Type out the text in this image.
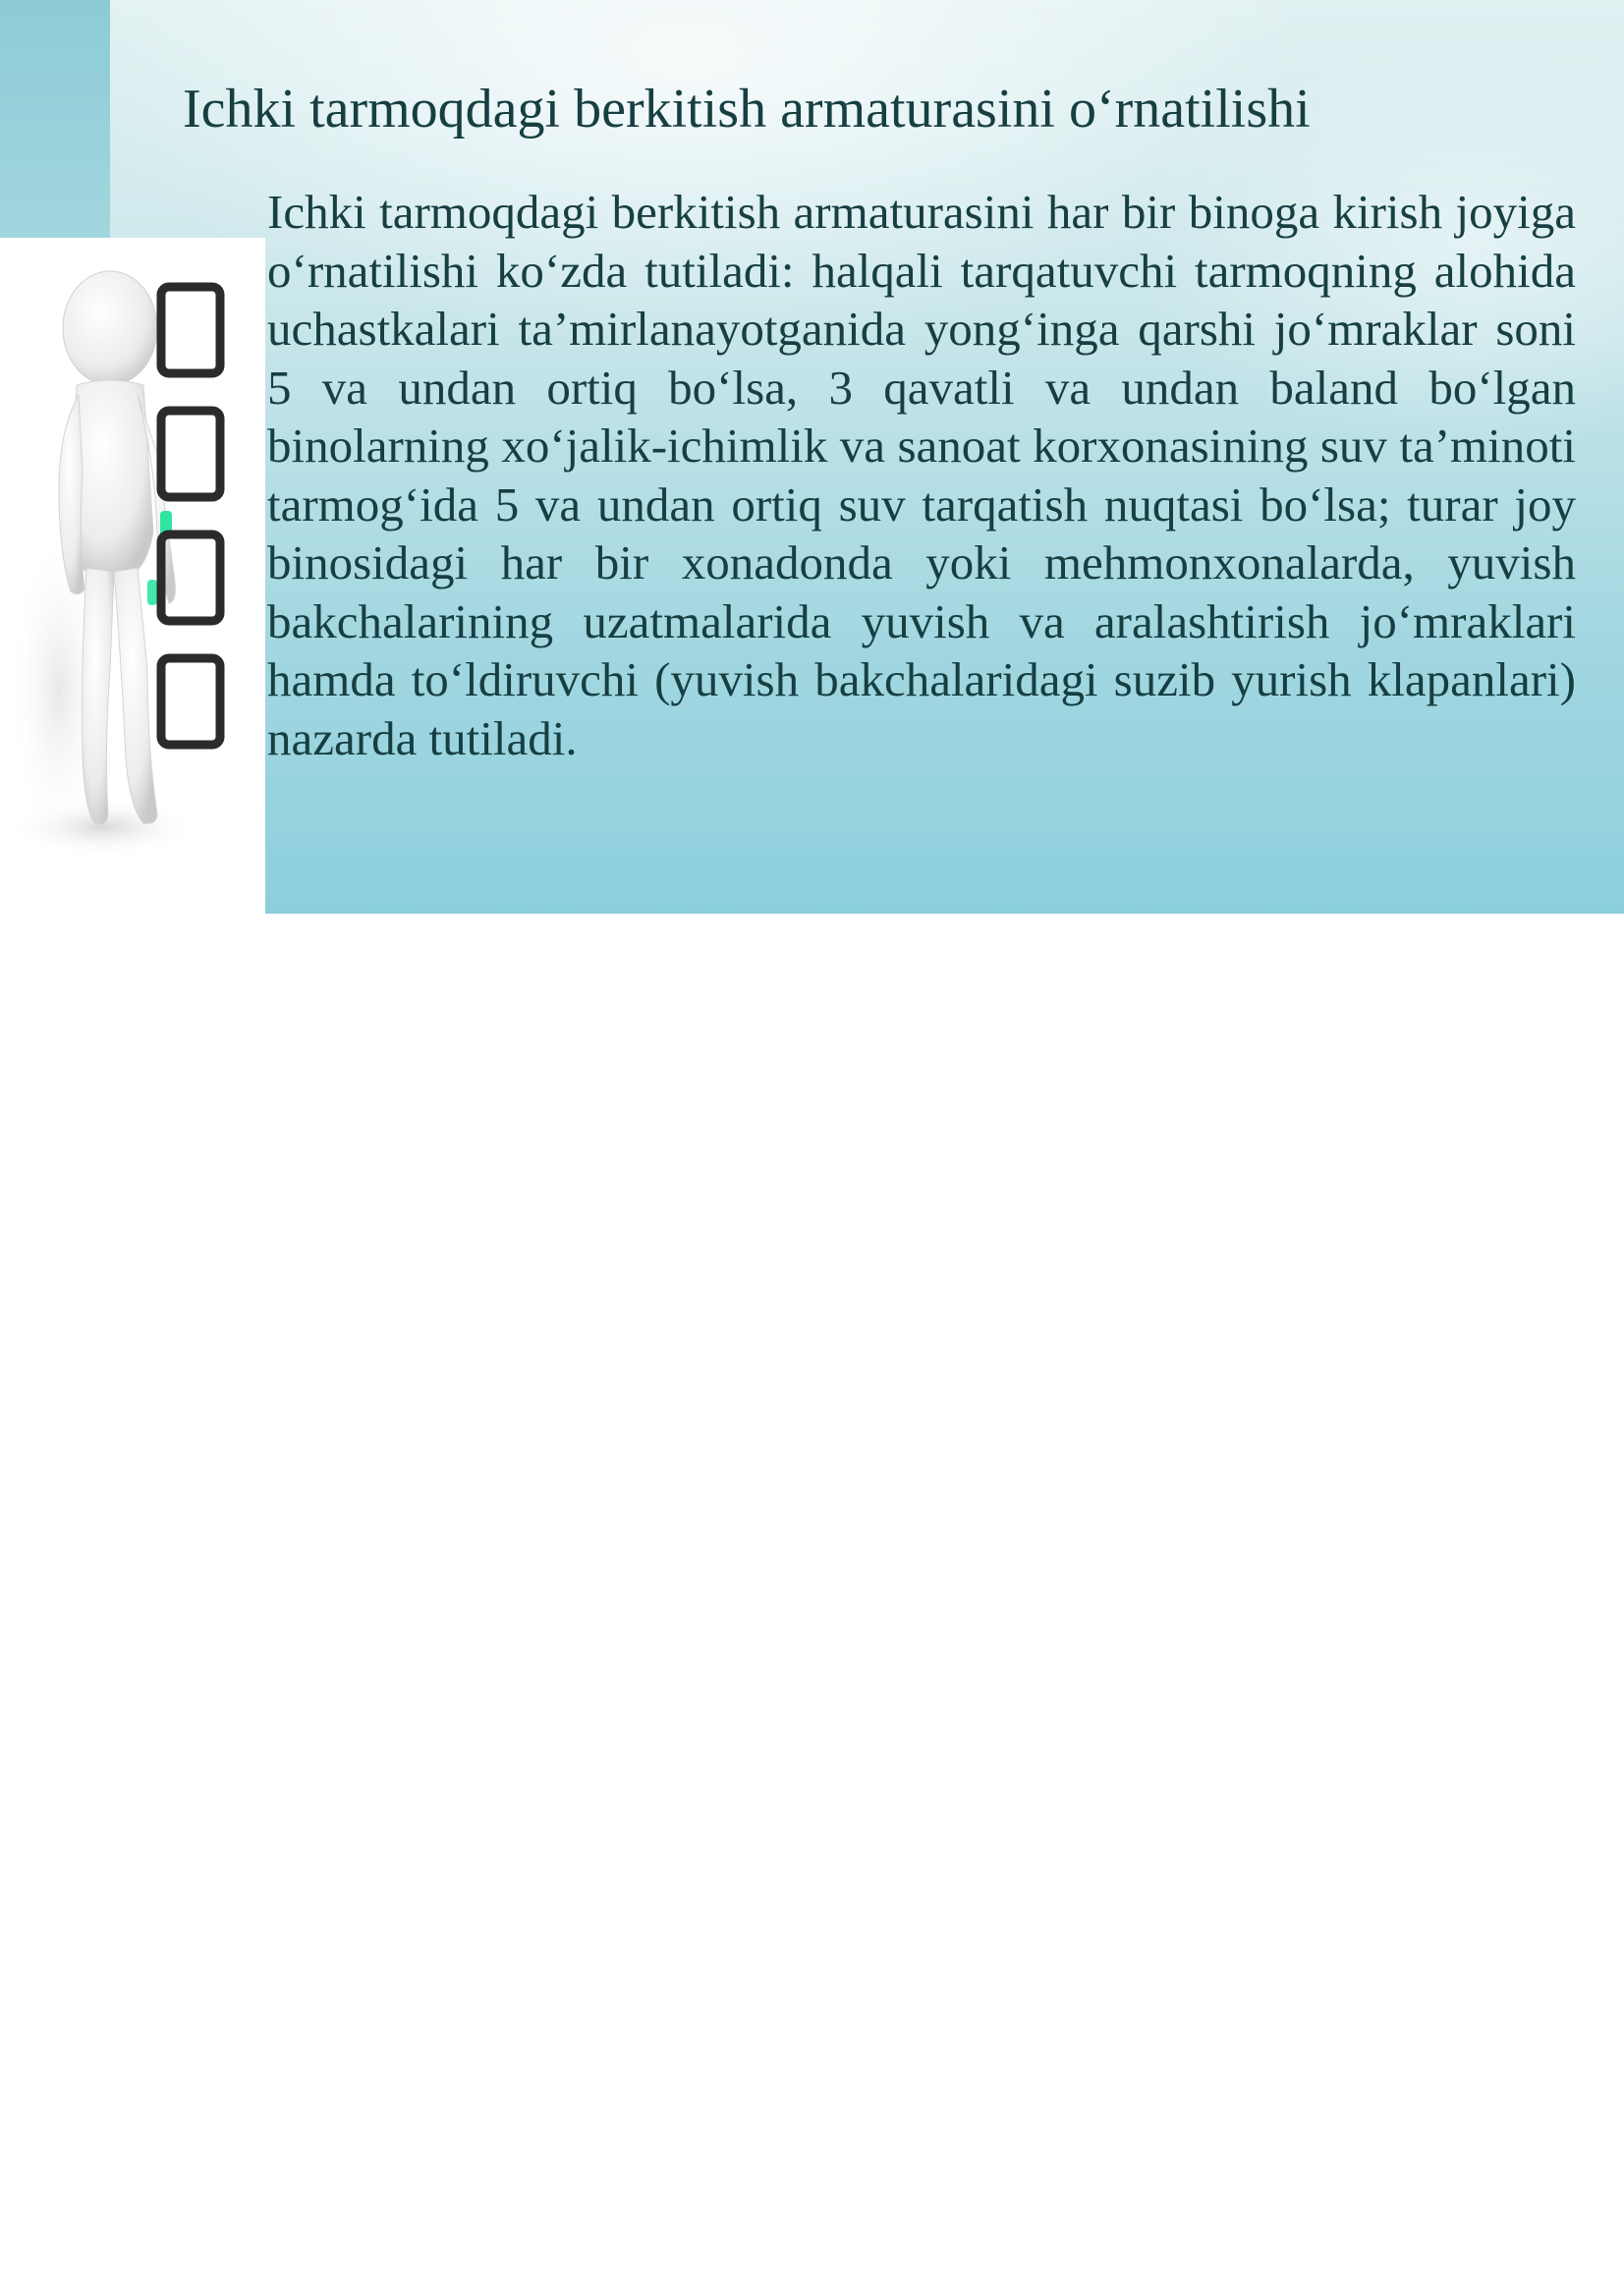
Ichki tarmoqdagi berkitish armaturasini o‘rnatilishi

Ichki tarmoqdagi berkitish armaturasini har bir binoga kirish joyiga o‘rnatilishi ko‘zda tutiladi: halqali tarqatuvchi tarmoqning alohida uchastkalari ta’mirlanayotganida yong‘inga qarshi jo‘mraklar soni 5 va undan ortiq bo‘lsa, 3 qavatli va undan baland bo‘lgan binolarning xo‘jalik-ichimlik va sanoat korxonasining suv ta’minoti tarmog‘ida 5 va undan ortiq suv tarqatish nuqtasi bo‘lsa; turar joy binosidagi har bir xonadonda yoki mehmonxonalarda, yuvish bakchalarining uzatmalarida yuvish va aralashtirish jo‘mraklari hamda to‘ldiruvchi (yuvish bakchalaridagi suzib yurish klapanlari) nazarda tutiladi.
